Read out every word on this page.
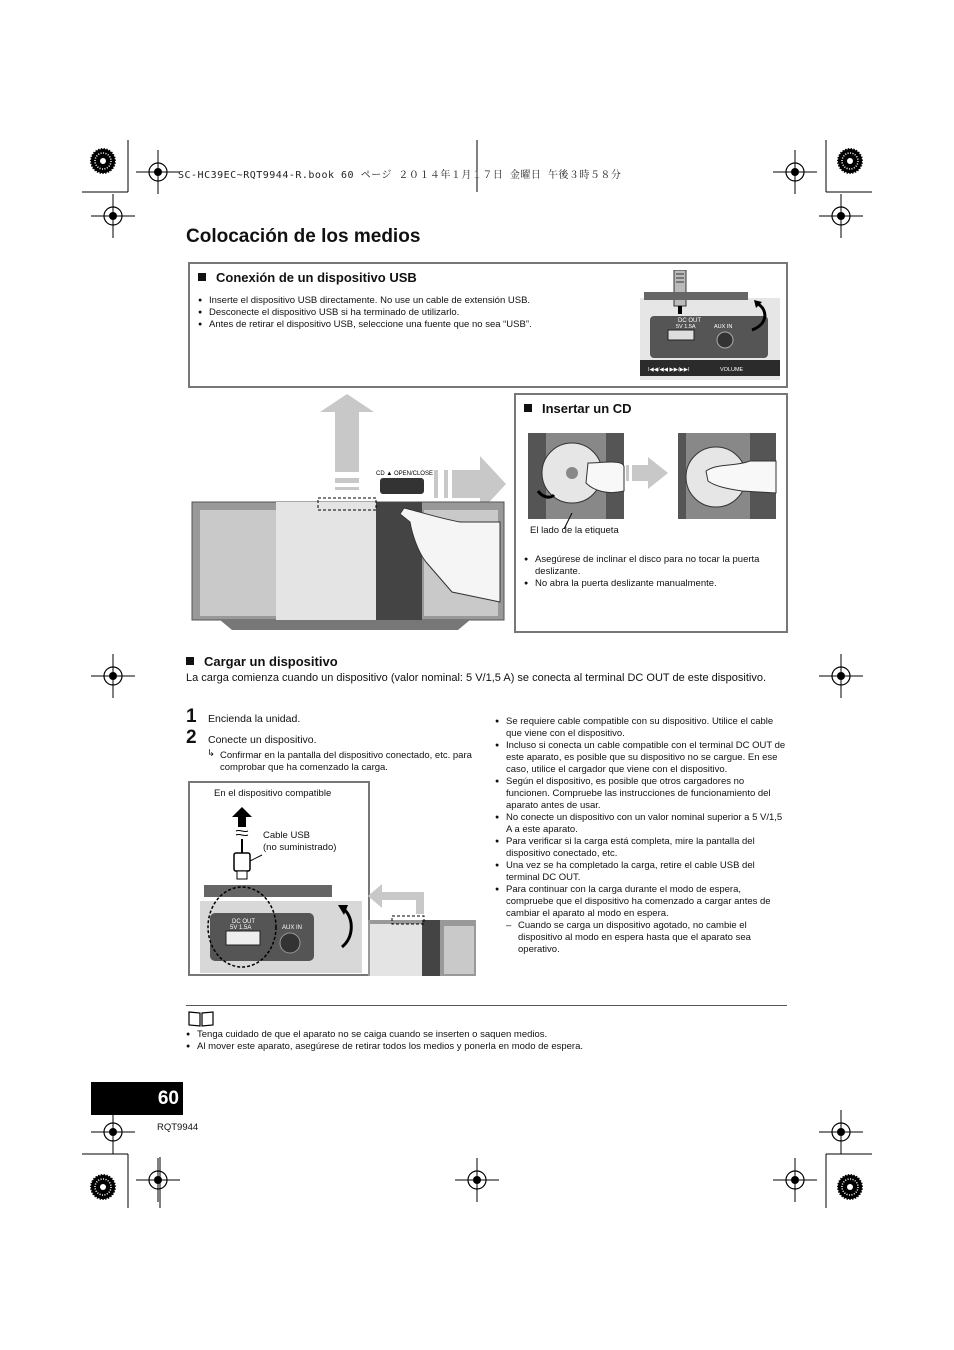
SC-HC39EC~RQT9944-R.book 60 ページ ２０１４年１月１７日 金曜日 午後３時５８分
Colocación de los medios
Conexión de un dispositivo USB
● Inserte el dispositivo USB directamente. No use un cable de extensión USB.
● Desconecte el dispositivo USB si ha terminado de utilizarlo.
● Antes de retirar el dispositivo USB, seleccione una fuente que no sea “USB”.	DC OUT
5V 1.5A	AUX IN
I◀◀/◀◀ ▶▶/▶▶I	VOLUME
CD ▲ OPEN/CLOSE
Insertar un CD
El lado de la etiqueta
● Asegúrese de inclinar el disco para no tocar la puerta deslizante.
● No abra la puerta deslizante manualmente.
Cargar un dispositivo
La carga comienza cuando un dispositivo (valor nominal: 5 V/1,5 A) se conecta al terminal DC OUT de este dispositivo.
1 Encienda la unidad.
2 Conecte un dispositivo.
↳ Confirmar en la pantalla del dispositivo conectado, etc. para comprobar que ha comenzado la carga.
En el dispositivo compatible
Cable USB
(no suministrado)
DC OUT
5V 1.5A	AUX IN
● Se requiere cable compatible con su dispositivo. Utilice el cable que viene con el dispositivo.
● Incluso si conecta un cable compatible con el terminal DC OUT de este aparato, es posible que su dispositivo no se cargue. En ese caso, utilice el cargador que viene con el dispositivo.
● Según el dispositivo, es posible que otros cargadores no funcionen. Compruebe las instrucciones de funcionamiento del aparato antes de usar.
● No conecte un dispositivo con un valor nominal superior a 5 V/1,5 A a este aparato.
● Para verificar si la carga está completa, mire la pantalla del dispositivo conectado, etc.
● Una vez se ha completado la carga, retire el cable USB del terminal DC OUT.
● Para continuar con la carga durante el modo de espera, compruebe que el dispositivo ha comenzado a cargar antes de cambiar el aparato al modo en espera.
– Cuando se carga un dispositivo agotado, no cambie el dispositivo al modo en espera hasta que el aparato sea operativo.
● Tenga cuidado de que el aparato no se caiga cuando se inserten o saquen medios.
● Al mover este aparato, asegúrese de retirar todos los medios y ponerla en modo de espera.
60
RQT9944
